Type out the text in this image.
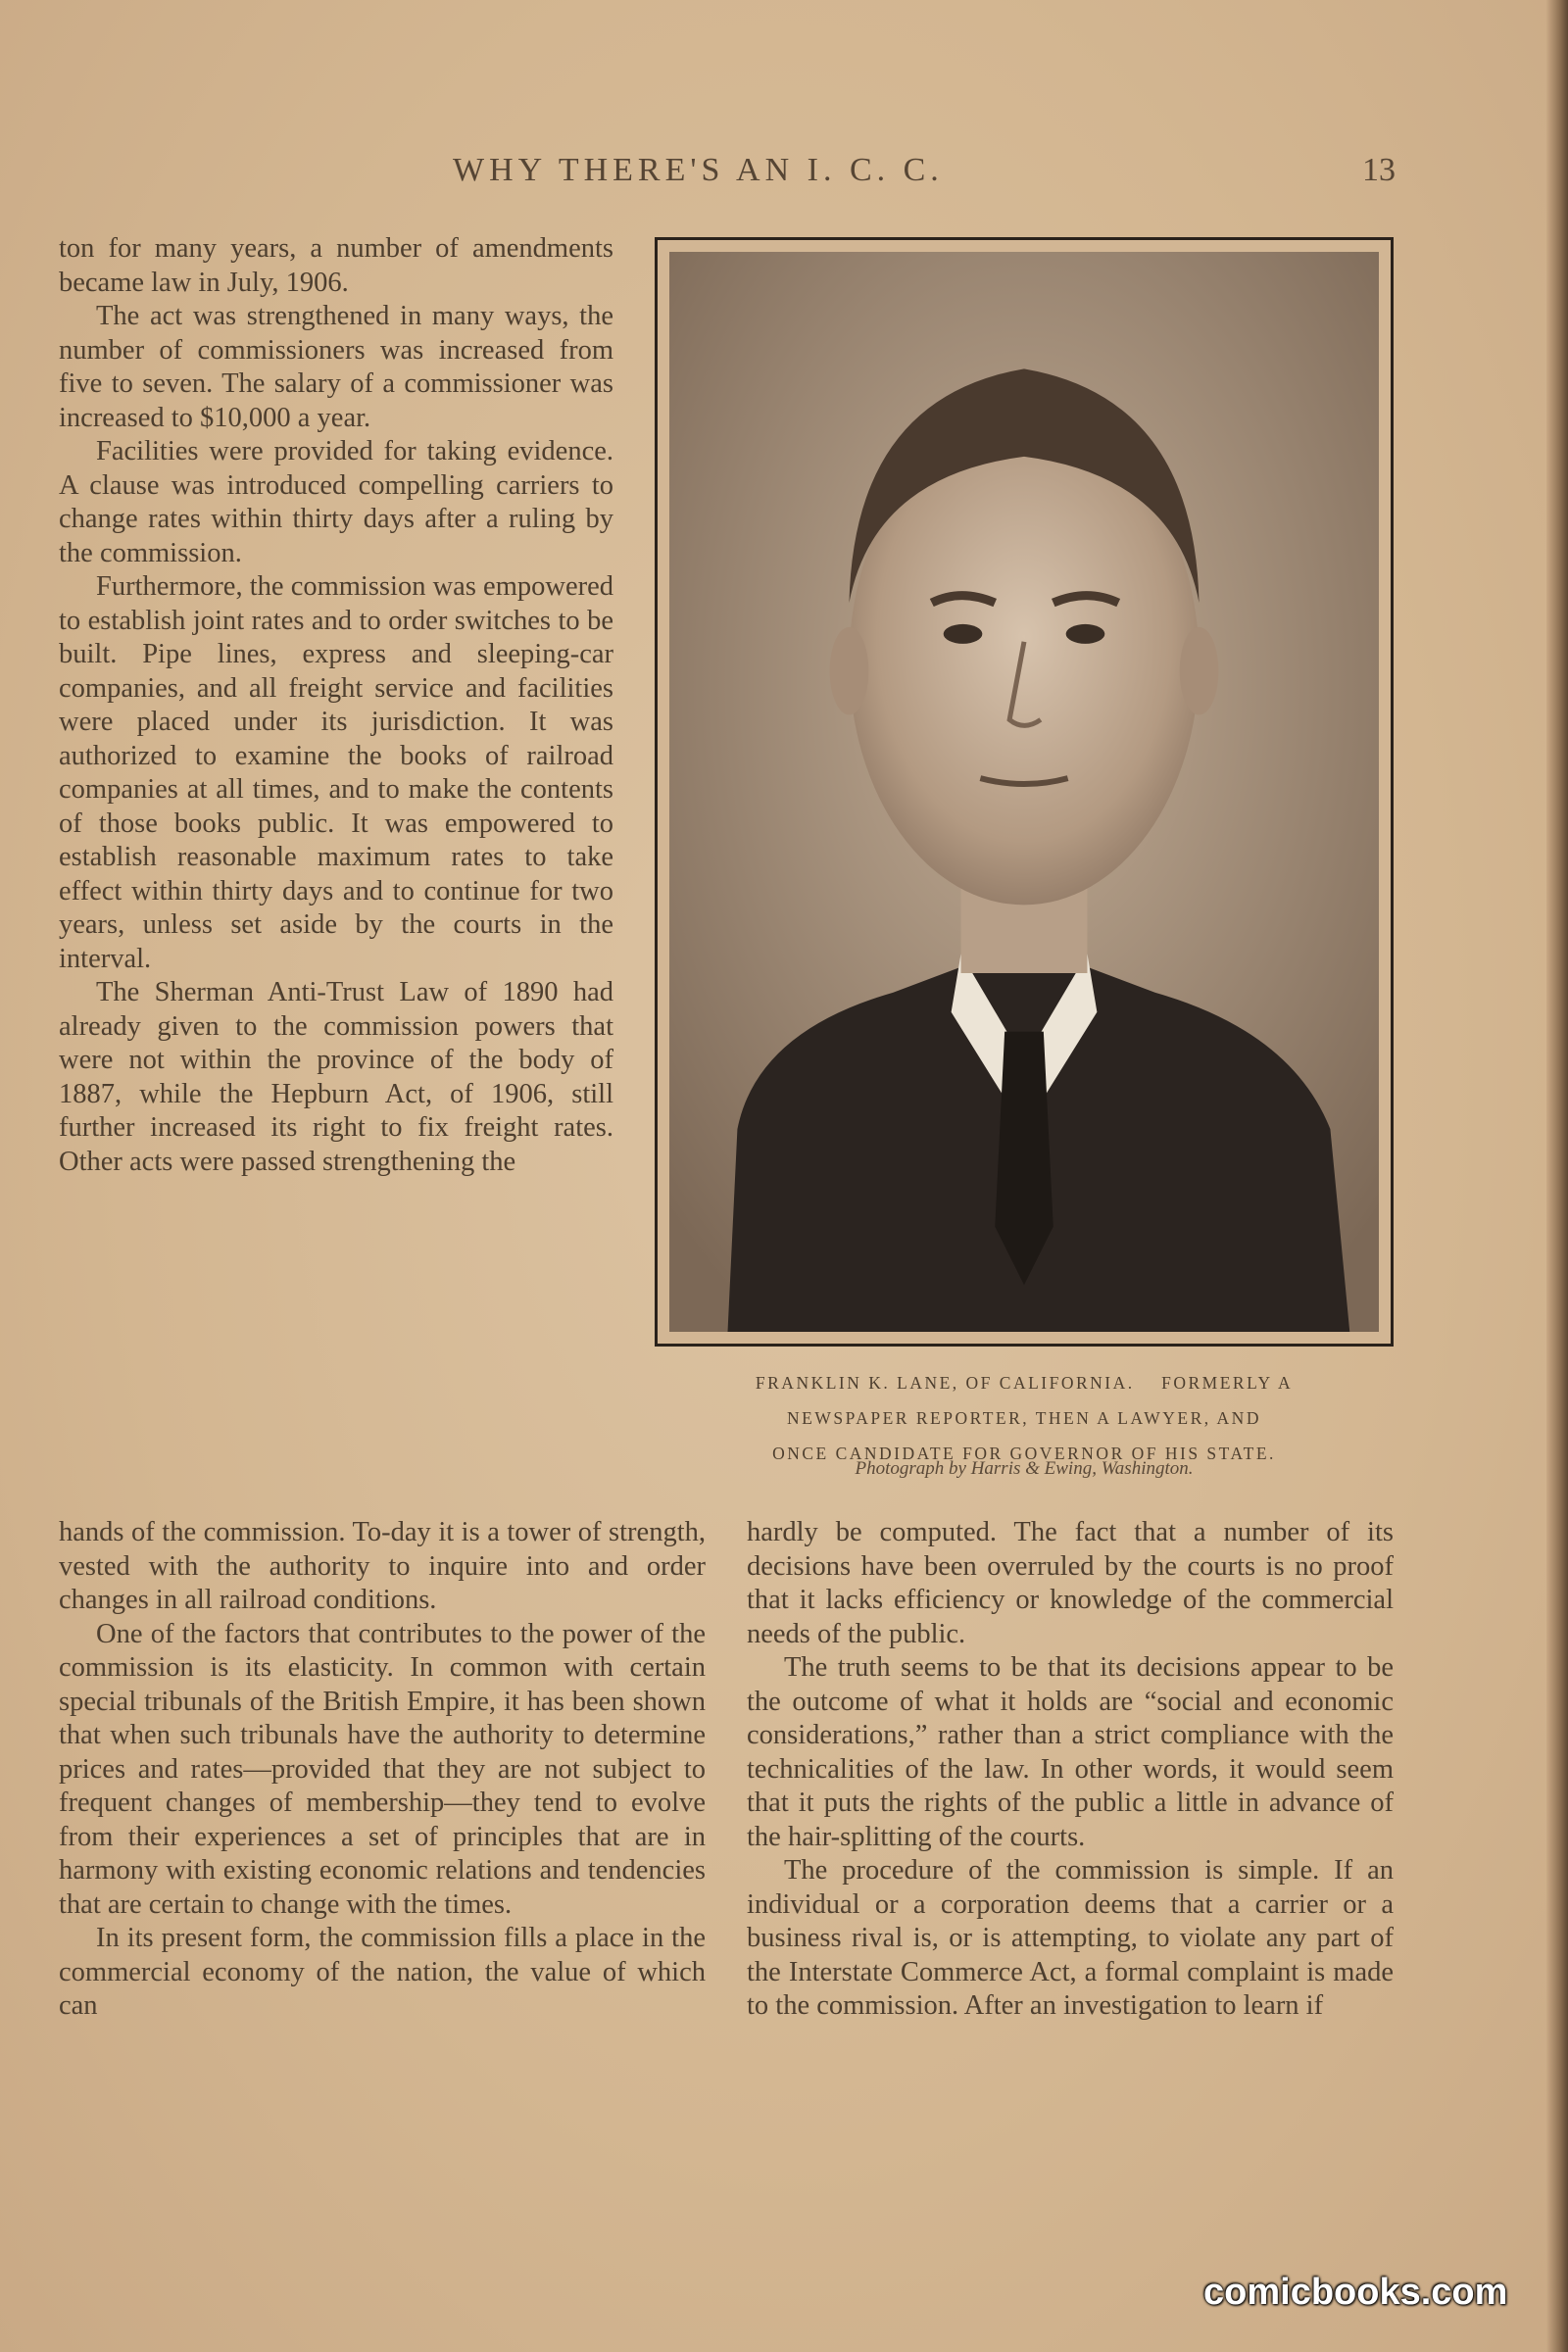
WHY THERE'S AN I. C. C.	13

ton for many years, a number of amendments became law in July, 1906.

The act was strengthened in many ways, the number of commissioners was increased from five to seven. The salary of a commissioner was increased to $10,000 a year.

Facilities were provided for taking evidence. A clause was introduced compelling carriers to change rates within thirty days after a ruling by the commission.

Furthermore, the commission was empowered to establish joint rates and to order switches to be built. Pipe lines, express and sleeping-car companies, and all freight service and facilities were placed under its jurisdiction. It was authorized to examine the books of railroad companies at all times, and to make the contents of those books public. It was empowered to establish reasonable maximum rates to take effect within thirty days and to continue for two years, unless set aside by the courts in the interval.

The Sherman Anti-Trust Law of 1890 had already given to the commission powers that were not within the province of the body of 1887, while the Hepburn Act, of 1906, still further increased its right to fix freight rates. Other acts were passed strengthening the

FRANKLIN K. LANE, OF CALIFORNIA.    FORMERLY A
NEWSPAPER REPORTER, THEN A LAWYER, AND
ONCE CANDIDATE FOR GOVERNOR OF HIS STATE.
Photograph by Harris & Ewing, Washington.

hands of the commission. To-day it is a tower of strength, vested with the authority to inquire into and order changes in all railroad conditions.

One of the factors that contributes to the power of the commission is its elasticity. In common with certain special tribunals of the British Empire, it has been shown that when such tribunals have the authority to determine prices and rates—provided that they are not subject to frequent changes of membership—they tend to evolve from their experiences a set of principles that are in harmony with existing economic relations and tendencies that are certain to change with the times.

In its present form, the commission fills a place in the commercial economy of the nation, the value of which can

hardly be computed. The fact that a number of its decisions have been overruled by the courts is no proof that it lacks efficiency or knowledge of the commercial needs of the public.

The truth seems to be that its decisions appear to be the outcome of what it holds are “social and economic considerations,” rather than a strict compliance with the technicalities of the law. In other words, it would seem that it puts the rights of the public a little in advance of the hair-splitting of the courts.

The procedure of the commission is simple. If an individual or a corporation deems that a carrier or a business rival is, or is attempting, to violate any part of the Interstate Commerce Act, a formal complaint is made to the commission. After an investigation to learn if

comicbooks.com
